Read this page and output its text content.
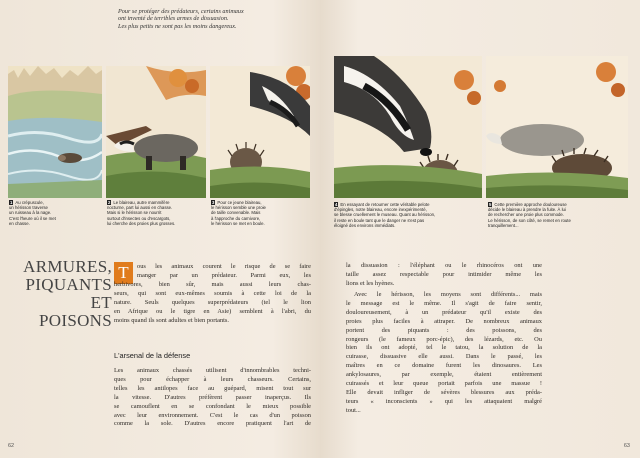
Pour se protéger des prédateurs, certains animaux
ont inventé de terribles armes de dissuasion.
Les plus petits ne sont pas les moins dangereux.
1 Au crépuscule,
un hérisson traverse
un ruisseau à la nage.
C'est l'heure où il se met
en chasse.
2 Le blaireau, autre mammifère
nocturne, part lui aussi en chasse.
Mais si le hérisson se nourrit
surtout d'insectes ou d'escargots,
lui cherche des proies plus grosses.
3 Pour ce jeune blaireau,
le hérisson semble une proie
de taille convenable. Mais
à l'approche du carnivore,
le hérisson se met en boule.
ARMURES,
PIQUANTS
ET POISONS
T	ous les animaux courent le risque de se faire
manger par un prédateur. Parmi eux, les
herbivores, bien sûr, mais aussi leurs chas-
seurs, qui sont eux-mêmes soumis à cette loi de la
nature. Seuls quelques superprédateurs (tel le lion
en Afrique ou le tigre en Asie) semblent à l'abri, du
moins quand ils sont adultes et bien portants.
L'arsenal de la défense
Les animaux chassés utilisent d'innombrables techni-
ques pour échapper à leurs chasseurs. Certains,
telles les antilopes face au guépard, misent tout sur
la vitesse. D'autres préfèrent passer inaperçus. Ils
se camouflent en se confondant le mieux possible
avec leur environnement. C'est le cas d'un poisson
comme la sole. D'autres encore pratiquent l'art de
62
4 En essayant de retourner cette véritable pelote
d'épingles, notre blaireau, encore inexpérimenté,
se blesse cruellement le museau. Quant au hérisson,
il reste en boule tant que le danger ne s'est pas
éloigné des environs immédiats.
5 Cette première approche douloureuse
décide le blaireau à prendre la fuite. À lui
de rechercher une proie plus commode.
Le hérisson, de son côté, se remet en route
tranquillement...
la dissuasion : l'éléphant ou le rhinocéros ont une
taille assez respectable pour intimider même les
lions et les hyènes.
Avec le hérisson, les moyens sont différents... mais
le message est le même. Il s'agit de faire sentir,
douloureusement, à un prédateur qu'il existe des
proies plus faciles à attraper. De nombreux animaux
portent des piquants : des poissons, des
rongeurs (le fameux porc-épic), des lézards, etc. Ou
bien ils ont adopté, tel le tatou, la solution de la
cuirasse, dissuasive elle aussi. Dans le passé, les
maîtres en ce domaine furent les dinosaures. Les
ankylosaures, par exemple, étaient entièrement
cuirassés et leur queue portait parfois une massue !
Elle devait infliger de sévères blessures aux préda-
teurs « inconscients » qui les attaquaient malgré
tout...
63
